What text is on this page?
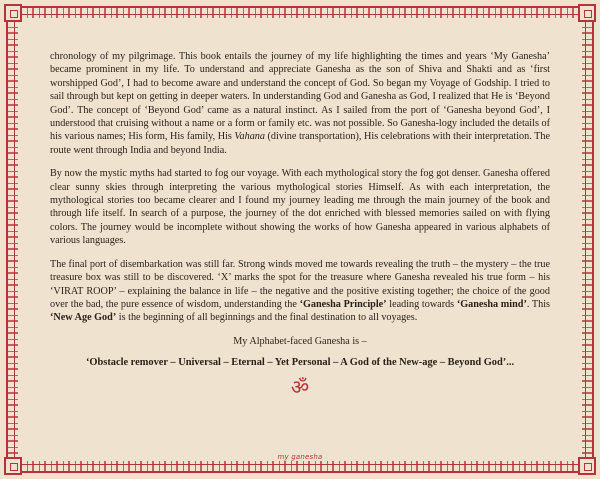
chronology of my pilgrimage. This book entails the journey of my life highlighting the times and years ‘My Ganesha’ became prominent in my life. To understand and appreciate Ganesha as the son of Shiva and Shakti and as ‘first worshipped God’, I had to become aware and understand the concept of God. So began my Voyage of Godship. I tried to sail through but kept on getting in deeper waters. In understanding God and Ganesha as God, I realized that He is ‘Beyond God’. The concept of ‘Beyond God’ came as a natural instinct. As I sailed from the port of ‘Ganesha beyond God’, I understood that cruising without a name or a form or family etc. was not possible. So Ganesha-logy included the details of his various names; His form, His family, His Vahana (divine transportation), His celebrations with their interpretation. The route went through India and beyond India.

By now the mystic myths had started to fog our voyage. With each mythological story the fog got denser. Ganesha offered clear sunny skies through interpreting the various mythological stories Himself. As with each interpretation, the mythological stories too became clearer and I found my journey leading me through the main journey of the book and through life itself. In search of a purpose, the journey of the dot enriched with blessed memories sailed on with flying colors. The journey would be incomplete without showing the works of how Ganesha appeared in various alphabets of various languages.

The final port of disembarkation was still far. Strong winds moved me towards revealing the truth – the mystery – the true treasure box was still to be discovered. ‘X’ marks the spot for the treasure where Ganesha revealed his true form – his ‘VIRAT ROOP’ – explaining the balance in life – the negative and the positive existing together; the choice of the good over the bad, the pure essence of wisdom, understanding the ‘Ganesha Principle’ leading towards ‘Ganesha mind’. This ‘New Age God’ is the beginning of all beginnings and the final destination to all voyages.

My Alphabet-faced Ganesha is –

‘Obstacle remover – Universal – Eternal – Yet Personal – A God of the New-age – Beyond God’...

ॐ
my ganesha
